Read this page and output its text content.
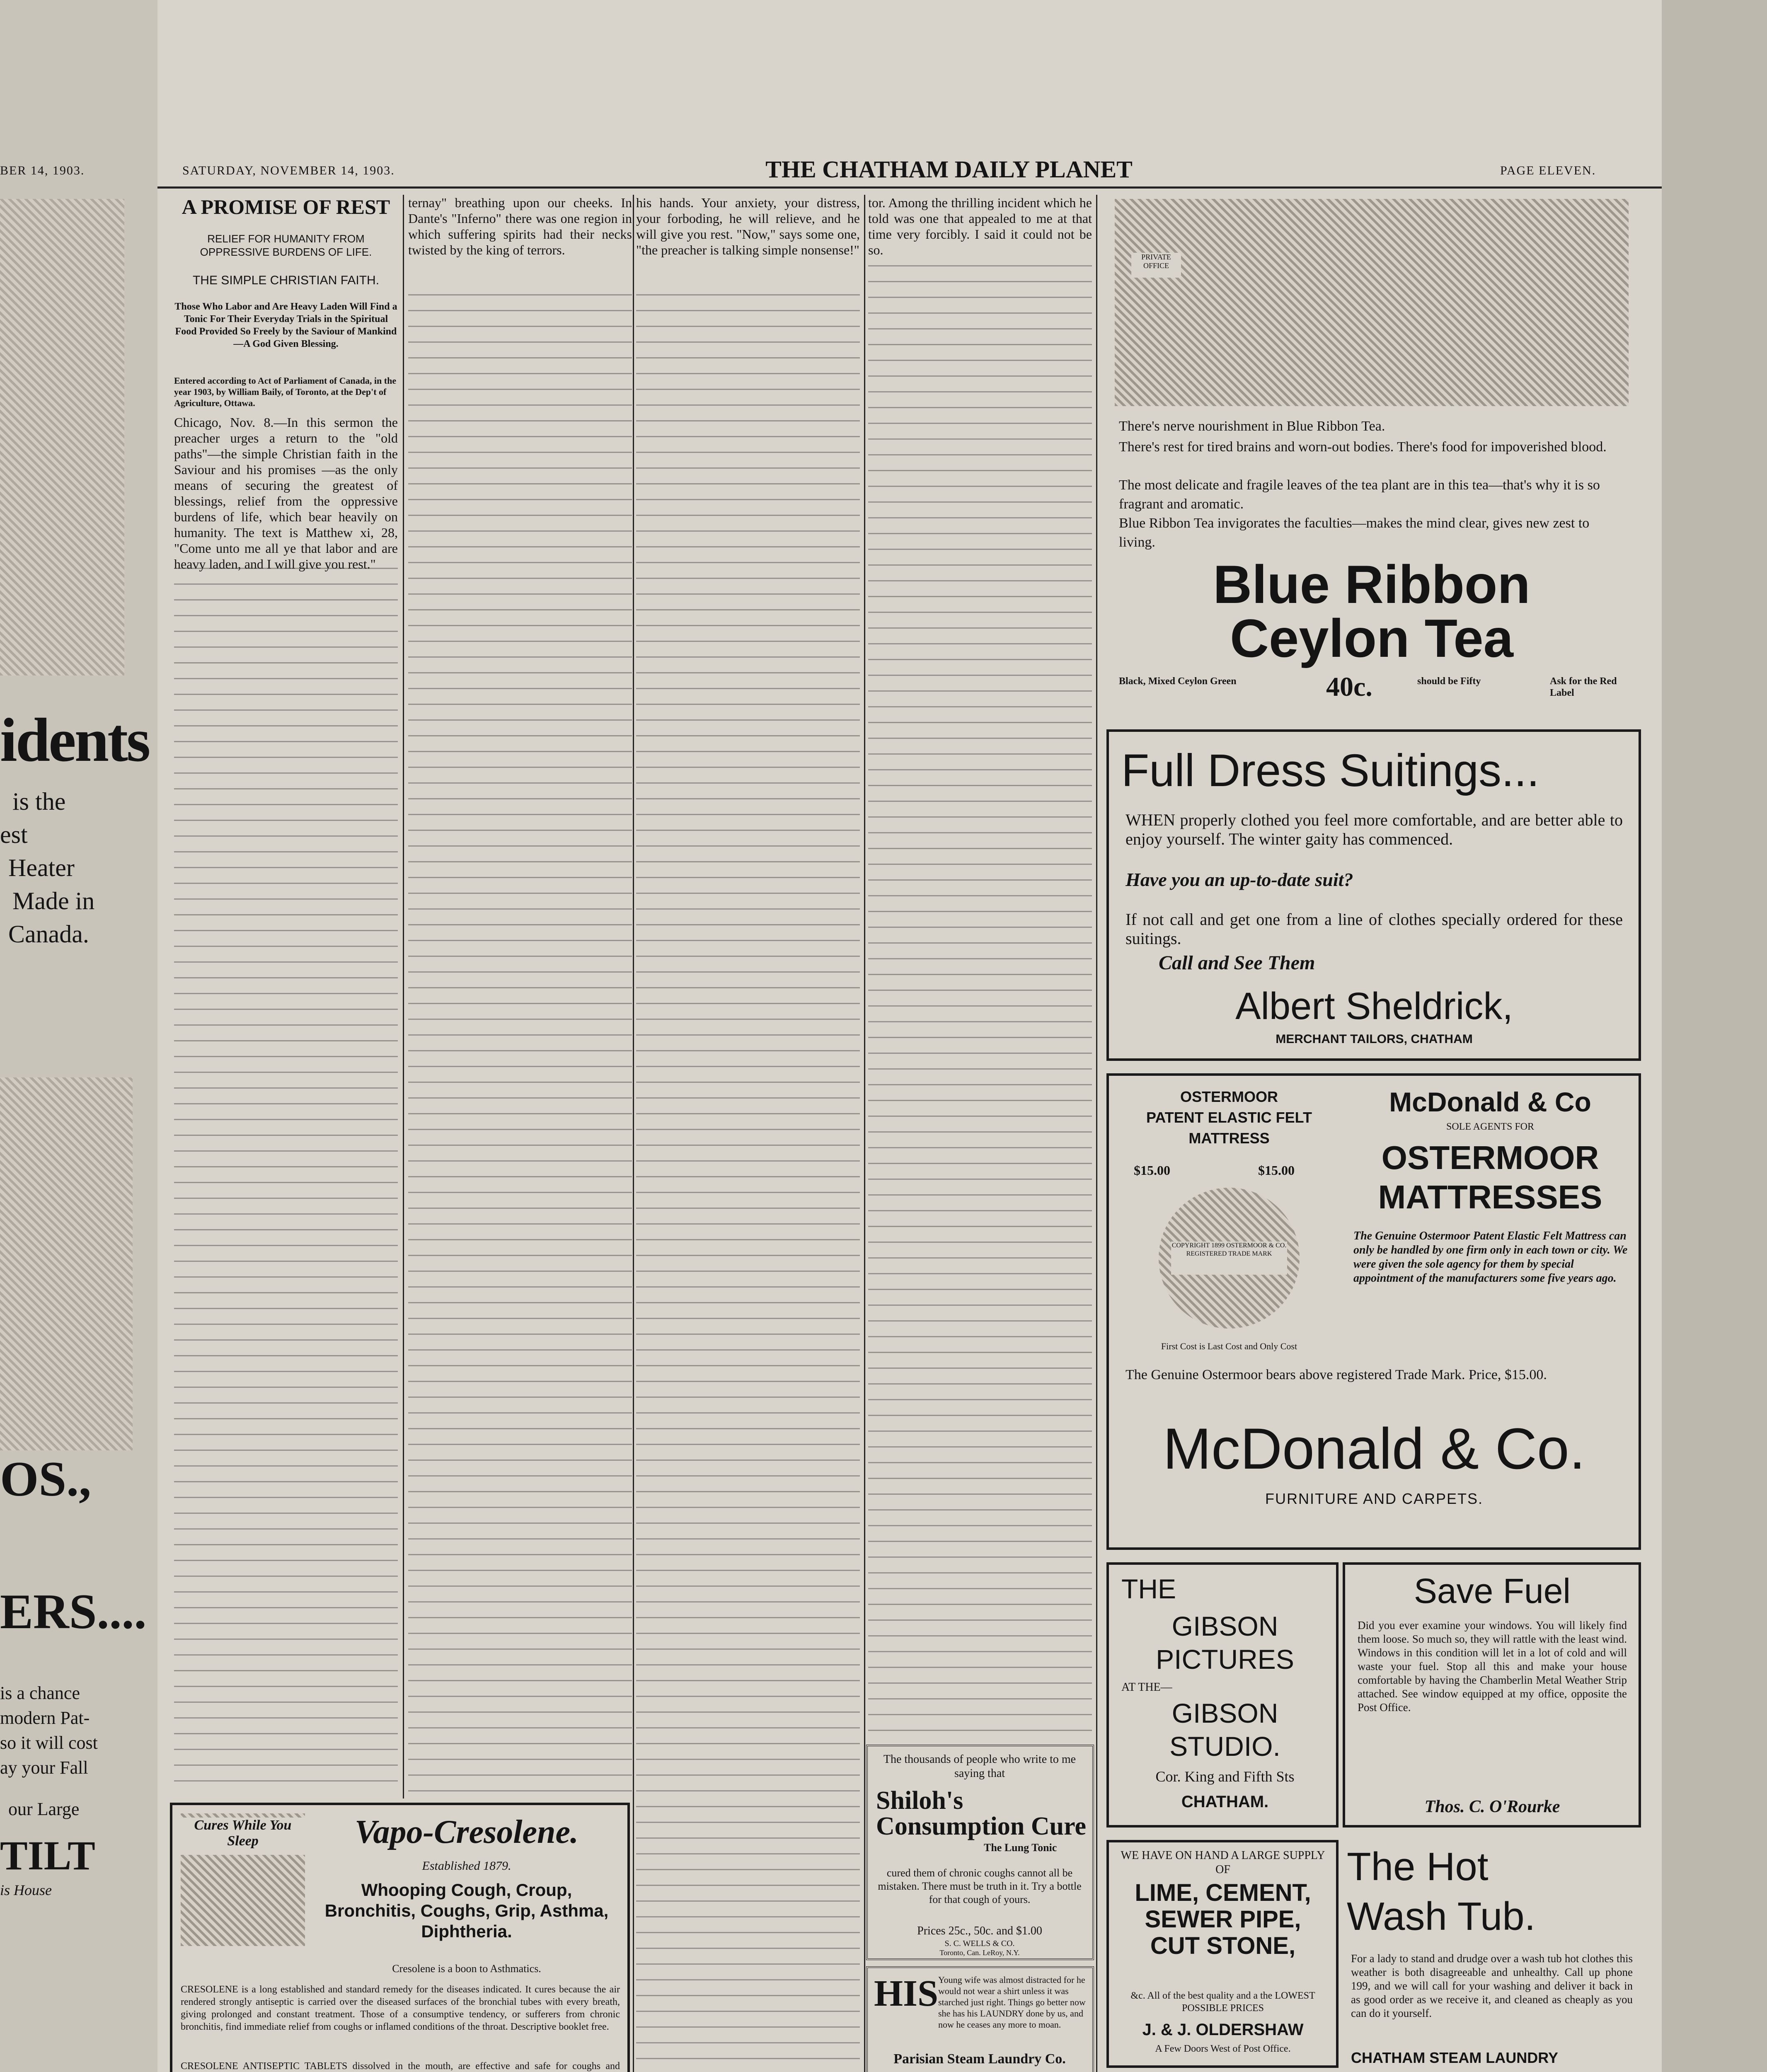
BER 14, 1903.	SATURDAY, NOVEMBER 14, 1903.	THE CHATHAM DAILY PLANET	PAGE ELEVEN.
idents
is the
est
Heater
Made in
Canada.
OS.,
ERS....
is a chance
modern Pat-
so it will cost
ay your Fall
our Large
TILT
is House
A PROMISE OF REST
RELIEF FOR HUMANITY FROM OPPRESSIVE BURDENS OF LIFE.
THE SIMPLE CHRISTIAN FAITH.
Those Who Labor and Are Heavy Laden Will Find a Tonic For Their Everyday Trials in the Spiritual Food Provided So Freely by the Saviour of Mankind —A God Given Blessing.
Entered according to Act of Parliament of Canada, in the year 1903, by William Baily, of Toronto, at the Dep't of Agriculture, Ottawa.
Chicago, Nov. 8.—In this sermon the preacher urges a return to the "old paths"—the simple Christian faith in the Saviour and his promises —as the only means of securing the greatest of blessings, relief from the oppressive burdens of life, which bear heavily on humanity. The text is Matthew xi, 28, "Come unto me all ye that labor and are heavy laden, and I will give you rest."
ternay" breathing upon our cheeks. In Dante's "Inferno" there was one region in which suffering spirits had their necks twisted by the king of terrors.
his hands. Your anxiety, your distress, your forboding, he will relieve, and he will give you rest. "Now," says some one, "the preacher is talking simple nonsense!"
tor. Among the thrilling incident which he told was one that appealed to me at that time very forcibly. I said it could not be so.
Cures While You Sleep	Vapo-Cresolene.
Established 1879.
Whooping Cough, Croup, Bronchitis, Coughs, Grip, Asthma, Diphtheria.
Cresolene is a boon to Asthmatics.
CRESOLENE is a long established and standard remedy for the diseases indicated. It cures because the air rendered strongly antiseptic is carried over the diseased surfaces of the bronchial tubes with every breath, giving prolonged and constant treatment. Those of a consumptive tendency, or sufferers from chronic bronchitis, find immediate relief from coughs or inflamed conditions of the throat. Descriptive booklet free.
CRESOLENE ANTISEPTIC TABLETS dissolved in the mouth, are effective and safe for coughs and
The thousands of people who write to me saying that
Shiloh's Consumption Cure
The Lung Tonic
cured them of chronic coughs cannot all be mistaken. There must be truth in it. Try a bottle for that cough of yours.
Prices 25c., 50c. and $1.00
S. C. WELLS & CO.
Toronto, Can. LeRoy, N.Y.
HIS Young wife was almost distracted for he would not wear a shirt unless it was starched just right. Things go better now she has his LAUNDRY done by us, and now he ceases any more to moan.
Parisian Steam Laundry Co.
PRIVATE OFFICE
There's nerve nourishment in Blue Ribbon Tea.
There's rest for tired brains and worn-out bodies. There's food for impoverished blood.
The most delicate and fragile leaves of the tea plant are in this tea—that's why it is so fragrant and aromatic.
Blue Ribbon Tea invigorates the faculties—makes the mind clear, gives new zest to living.
Blue Ribbon
Ceylon Tea
Black, Mixed Ceylon Green	40c.	should be Fifty	Ask for the Red Label
Full Dress Suitings...
WHEN properly clothed you feel more comfortable, and are better able to enjoy yourself. The winter gaity has commenced.
Have you an up-to-date suit?
If not call and get one from a line of clothes specially ordered for these suitings.
Call and See Them
Albert Sheldrick,
MERCHANT TAILORS, CHATHAM
OSTERMOOR
PATENT ELASTIC FELT
MATTRESS
$15.00	$15.00
COPYRIGHT 1899 OSTERMOOR & CO. REGISTERED TRADE MARK
First Cost is Last Cost and Only Cost
McDonald & Co
SOLE AGENTS FOR
OSTERMOOR MATTRESSES
The Genuine Ostermoor Patent Elastic Felt Mattress can only be handled by one firm only in each town or city. We were given the sole agency for them by special appointment of the manufacturers some five years ago.
The Genuine Ostermoor bears above registered Trade Mark. Price, $15.00.
McDonald & Co.
FURNITURE AND CARPETS.
THE
GIBSON
PICTURES
AT THE—
GIBSON
STUDIO.
Cor. King and Fifth Sts
CHATHAM.
Save Fuel
Did you ever examine your windows. You will likely find them loose. So much so, they will rattle with the least wind. Windows in this condition will let in a lot of cold and will waste your fuel. Stop all this and make your house comfortable by having the Chamberlin Metal Weather Strip attached. See window equipped at my office, opposite the Post Office.
Thos. C. O'Rourke
WE HAVE ON HAND A LARGE SUPPLY OF
LIME, CEMENT, SEWER PIPE, CUT STONE,
&c. All of the best quality and a the LOWEST POSSIBLE PRICES
J. & J. OLDERSHAW
A Few Doors West of Post Office.
The Hot
Wash Tub.
For a lady to stand and drudge over a wash tub hot clothes this weather is both disagreeable and unhealthy. Call up phone 199, and we will call for your washing and deliver it back in as good order as we receive it, and cleaned as cheaply as you can do it yourself.
CHATHAM STEAM LAUNDRY
